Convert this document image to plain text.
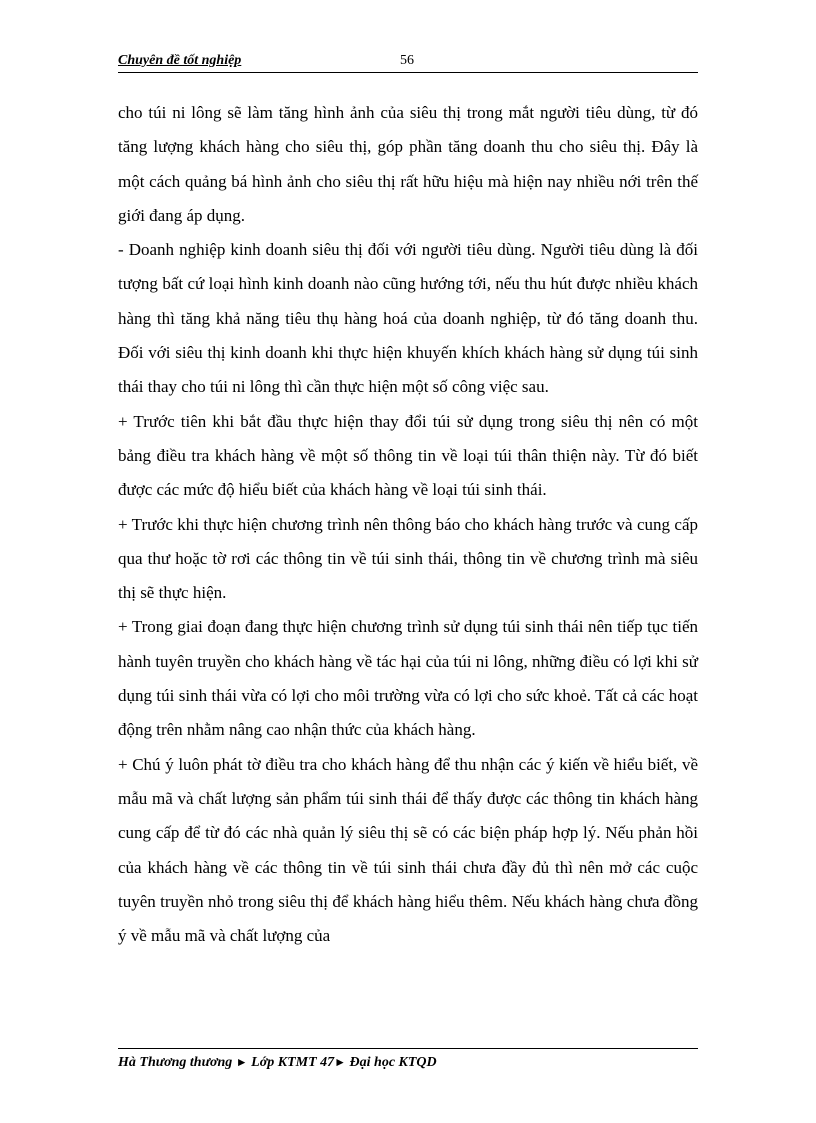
Chuyên đề tốt nghiệp	56

cho túi ni lông sẽ làm tăng hình ảnh của siêu thị trong mắt người tiêu dùng, từ đó tăng lượng khách hàng cho siêu thị, góp phần tăng doanh thu cho siêu thị. Đây là một cách quảng bá hình ảnh cho siêu thị rất hữu hiệu mà hiện nay nhiều nới trên thế giới đang áp dụng.

- Doanh nghiệp kinh doanh siêu thị đối với người tiêu dùng. Người tiêu dùng là đối tượng bất cứ loại hình kinh doanh nào cũng hướng tới, nếu thu hút được nhiều khách hàng thì tăng khả năng tiêu thụ hàng hoá của doanh nghiệp, từ đó tăng doanh thu. Đối với siêu thị kinh doanh khi thực hiện khuyến khích khách hàng sử dụng túi sinh thái thay cho túi ni lông thì cần thực hiện một số công việc sau.

+ Trước tiên khi bắt đầu thực hiện thay đổi túi sử dụng trong siêu thị nên có một bảng điều tra khách hàng về một số thông tin về loại túi thân thiện này. Từ đó biết được các mức độ hiểu biết của khách hàng về loại túi sinh thái.

+ Trước khi thực hiện chương trình nên thông báo cho khách hàng trước và cung cấp qua thư hoặc tờ rơi các thông tin về túi sinh thái, thông tin về chương trình mà siêu thị sẽ thực hiện.

+ Trong giai đoạn đang thực hiện chương trình sử dụng túi sinh thái nên tiếp tục tiến hành tuyên truyền cho khách hàng về tác hại của túi ni lông, những điều có lợi khi sử dụng túi sinh thái vừa có lợi cho môi trường vừa có lợi cho sức khoẻ. Tất cả các hoạt động trên nhằm nâng cao nhận thức của khách hàng.

+ Chú ý luôn phát tờ điều tra cho khách hàng để thu nhận các ý kiến về hiểu biết, về mẫu mã và chất lượng sản phẩm túi sinh thái để thấy được các thông tin khách hàng cung cấp để từ đó các nhà quản lý siêu thị sẽ có các biện pháp hợp lý. Nếu phản hồi của khách hàng về các thông tin về túi sinh thái chưa đầy đủ thì nên mở các cuộc tuyên truyền nhỏ trong siêu thị để khách hàng hiểu thêm. Nếu khách hàng chưa đồng ý về mẫu mã và chất lượng của

Hà Thương thương ► Lớp KTMT 47► Đại học KTQD
